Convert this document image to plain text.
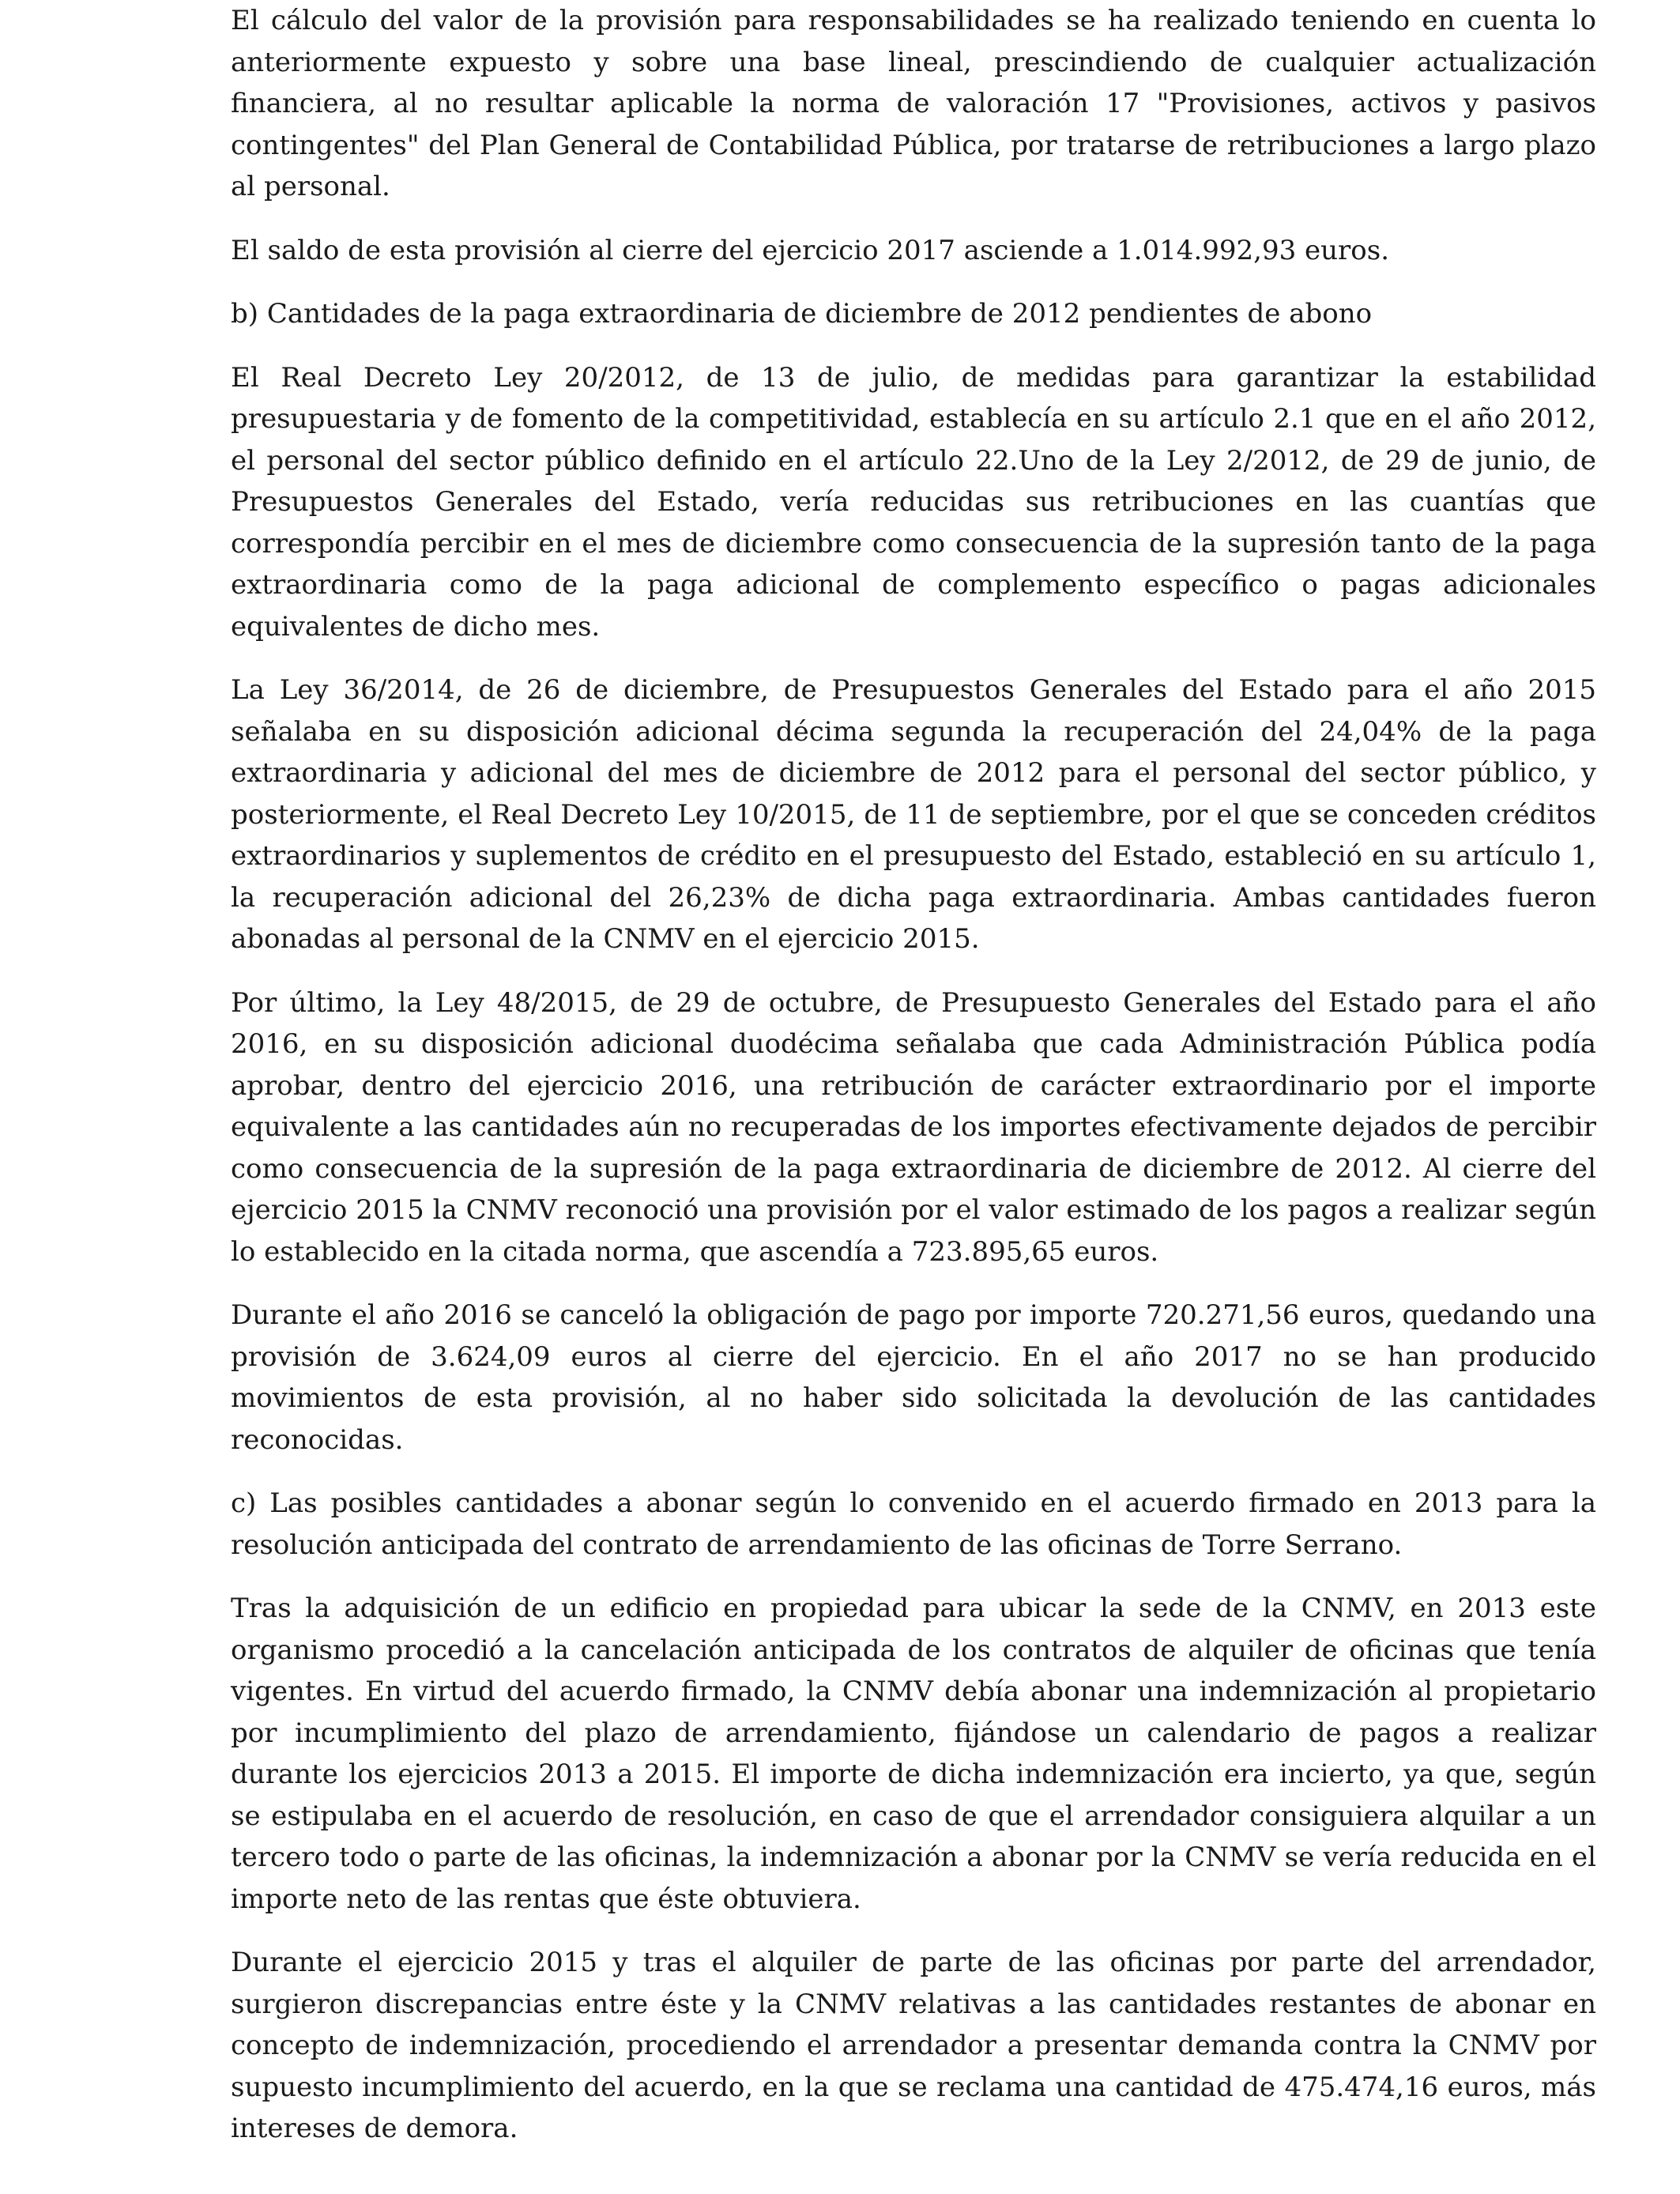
El cálculo del valor de la provisión para responsabilidades se ha realizado teniendo en cuenta lo anteriormente expuesto y sobre una base lineal, prescindiendo de cualquier actualización financiera, al no resultar aplicable la norma de valoración 17 "Provisiones, activos y pasivos contingentes" del Plan General de Contabilidad Pública, por tratarse de retribuciones a largo plazo al personal.

El saldo de esta provisión al cierre del ejercicio 2017 asciende a 1.014.992,93 euros.

b) Cantidades de la paga extraordinaria de diciembre de 2012 pendientes de abono

El Real Decreto Ley 20/2012, de 13 de julio, de medidas para garantizar la estabilidad presupuestaria y de fomento de la competitividad, establecía en su artículo 2.1 que en el año 2012, el personal del sector público definido en el artículo 22.Uno de la Ley 2/2012, de 29 de junio, de Presupuestos Generales del Estado, vería reducidas sus retribuciones en las cuantías que correspondía percibir en el mes de diciembre como consecuencia de la supresión tanto de la paga extraordinaria como de la paga adicional de complemento específico o pagas adicionales equivalentes de dicho mes.

La Ley 36/2014, de 26 de diciembre, de Presupuestos Generales del Estado para el año 2015 señalaba en su disposición adicional décima segunda la recuperación del 24,04% de la paga extraordinaria y adicional del mes de diciembre de 2012 para el personal del sector público, y posteriormente, el Real Decreto Ley 10/2015, de 11 de septiembre, por el que se conceden créditos extraordinarios y suplementos de crédito en el presupuesto del Estado, estableció en su artículo 1, la recuperación adicional del 26,23% de dicha paga extraordinaria. Ambas cantidades fueron abonadas al personal de la CNMV en el ejercicio 2015.

Por último, la Ley 48/2015, de 29 de octubre, de Presupuesto Generales del Estado para el año 2016, en su disposición adicional duodécima señalaba que cada Administración Pública podía aprobar, dentro del ejercicio 2016, una retribución de carácter extraordinario por el importe equivalente a las cantidades aún no recuperadas de los importes efectivamente dejados de percibir como consecuencia de la supresión de la paga extraordinaria de diciembre de 2012. Al cierre del ejercicio 2015 la CNMV reconoció una provisión por el valor estimado de los pagos a realizar según lo establecido en la citada norma, que ascendía a 723.895,65 euros.

Durante el año 2016 se canceló la obligación de pago por importe 720.271,56 euros, quedando una provisión de 3.624,09 euros al cierre del ejercicio. En el año 2017 no se han producido movimientos de esta provisión, al no haber sido solicitada la devolución de las cantidades reconocidas.

c) Las posibles cantidades a abonar según lo convenido en el acuerdo firmado en 2013 para la resolución anticipada del contrato de arrendamiento de las oficinas de Torre Serrano.

Tras la adquisición de un edificio en propiedad para ubicar la sede de la CNMV, en 2013 este organismo procedió a la cancelación anticipada de los contratos de alquiler de oficinas que tenía vigentes. En virtud del acuerdo firmado, la CNMV debía abonar una indemnización al propietario por incumplimiento del plazo de arrendamiento, fijándose un calendario de pagos a realizar durante los ejercicios 2013 a 2015. El importe de dicha indemnización era incierto, ya que, según se estipulaba en el acuerdo de resolución, en caso de que el arrendador consiguiera alquilar a un tercero todo o parte de las oficinas, la indemnización a abonar por la CNMV se vería reducida en el importe neto de las rentas que éste obtuviera.

Durante el ejercicio 2015 y tras el alquiler de parte de las oficinas por parte del arrendador, surgieron discrepancias entre éste y la CNMV relativas a las cantidades restantes de abonar en concepto de indemnización, procediendo el arrendador a presentar demanda contra la CNMV por supuesto incumplimiento del acuerdo, en la que se reclama una cantidad de 475.474,16 euros, más intereses de demora.
